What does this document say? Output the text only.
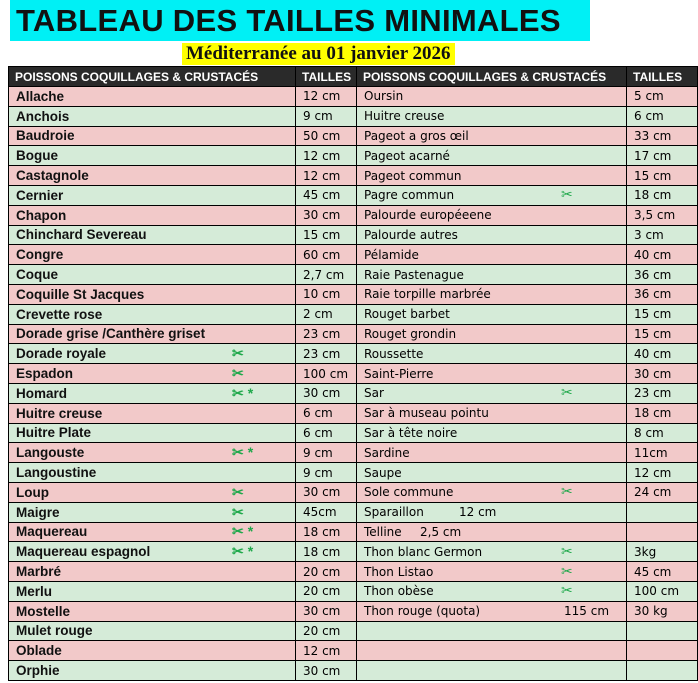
TABLEAU DES TAILLES MINIMALES
Méditerranée au 01 janvier 2026
POISSONS COQUILLAGES & CRUSTACÉS	TAILLES	POISSONS COQUILLAGES & CRUSTACÉS	TAILLES

Allache	12 cm	Oursin	5 cm

Anchois	9 cm	Huitre creuse	6 cm

Baudroie	50 cm	Pageot a gros œil	33 cm

Bogue	12 cm	Pageot acarné	17 cm

Castagnole	12 cm	Pageot commun	15 cm

Cernier	45 cm	Pagre commun ✂	18 cm

Chapon	30 cm	Palourde européeene	3,5 cm

Chinchard Severeau	15 cm	Palourde autres	3 cm

Congre	60 cm	Pélamide	40 cm

Coque	2,7 cm	Raie Pastenague	36 cm

Coquille St Jacques	10 cm	Raie torpille marbrée	36 cm

Crevette rose	2 cm	Rouget barbet	15 cm

Dorade grise /Canthère griset	23 cm	Rouget grondin	15 cm

Dorade royale ✂	23 cm	Roussette	40 cm

Espadon ✂	100 cm	Saint-Pierre	30 cm

Homard ✂ *	30 cm	Sar ✂	23 cm

Huitre creuse	6 cm	Sar à museau pointu	18 cm

Huitre Plate	6 cm	Sar à tête noire	8 cm

Langouste ✂ *	9 cm	Sardine	11cm

Langoustine	9 cm	Saupe	12 cm

Loup ✂	30 cm	Sole commune ✂	24 cm

Maigre ✂	45cm	Sparaillon 12 cm	

Maquereau ✂ *	18 cm	Telline 2,5 cm	

Maquereau espagnol ✂ *	18 cm	Thon blanc Germon ✂	3kg

Marbré	20 cm	Thon Listao ✂	45 cm

Merlu	20 cm	Thon obèse ✂	100 cm

Mostelle	30 cm	Thon rouge (quota) 115 cm	30 kg

Mulet rouge	20 cm	

Oblade	12 cm	

Orphie	30 cm	
